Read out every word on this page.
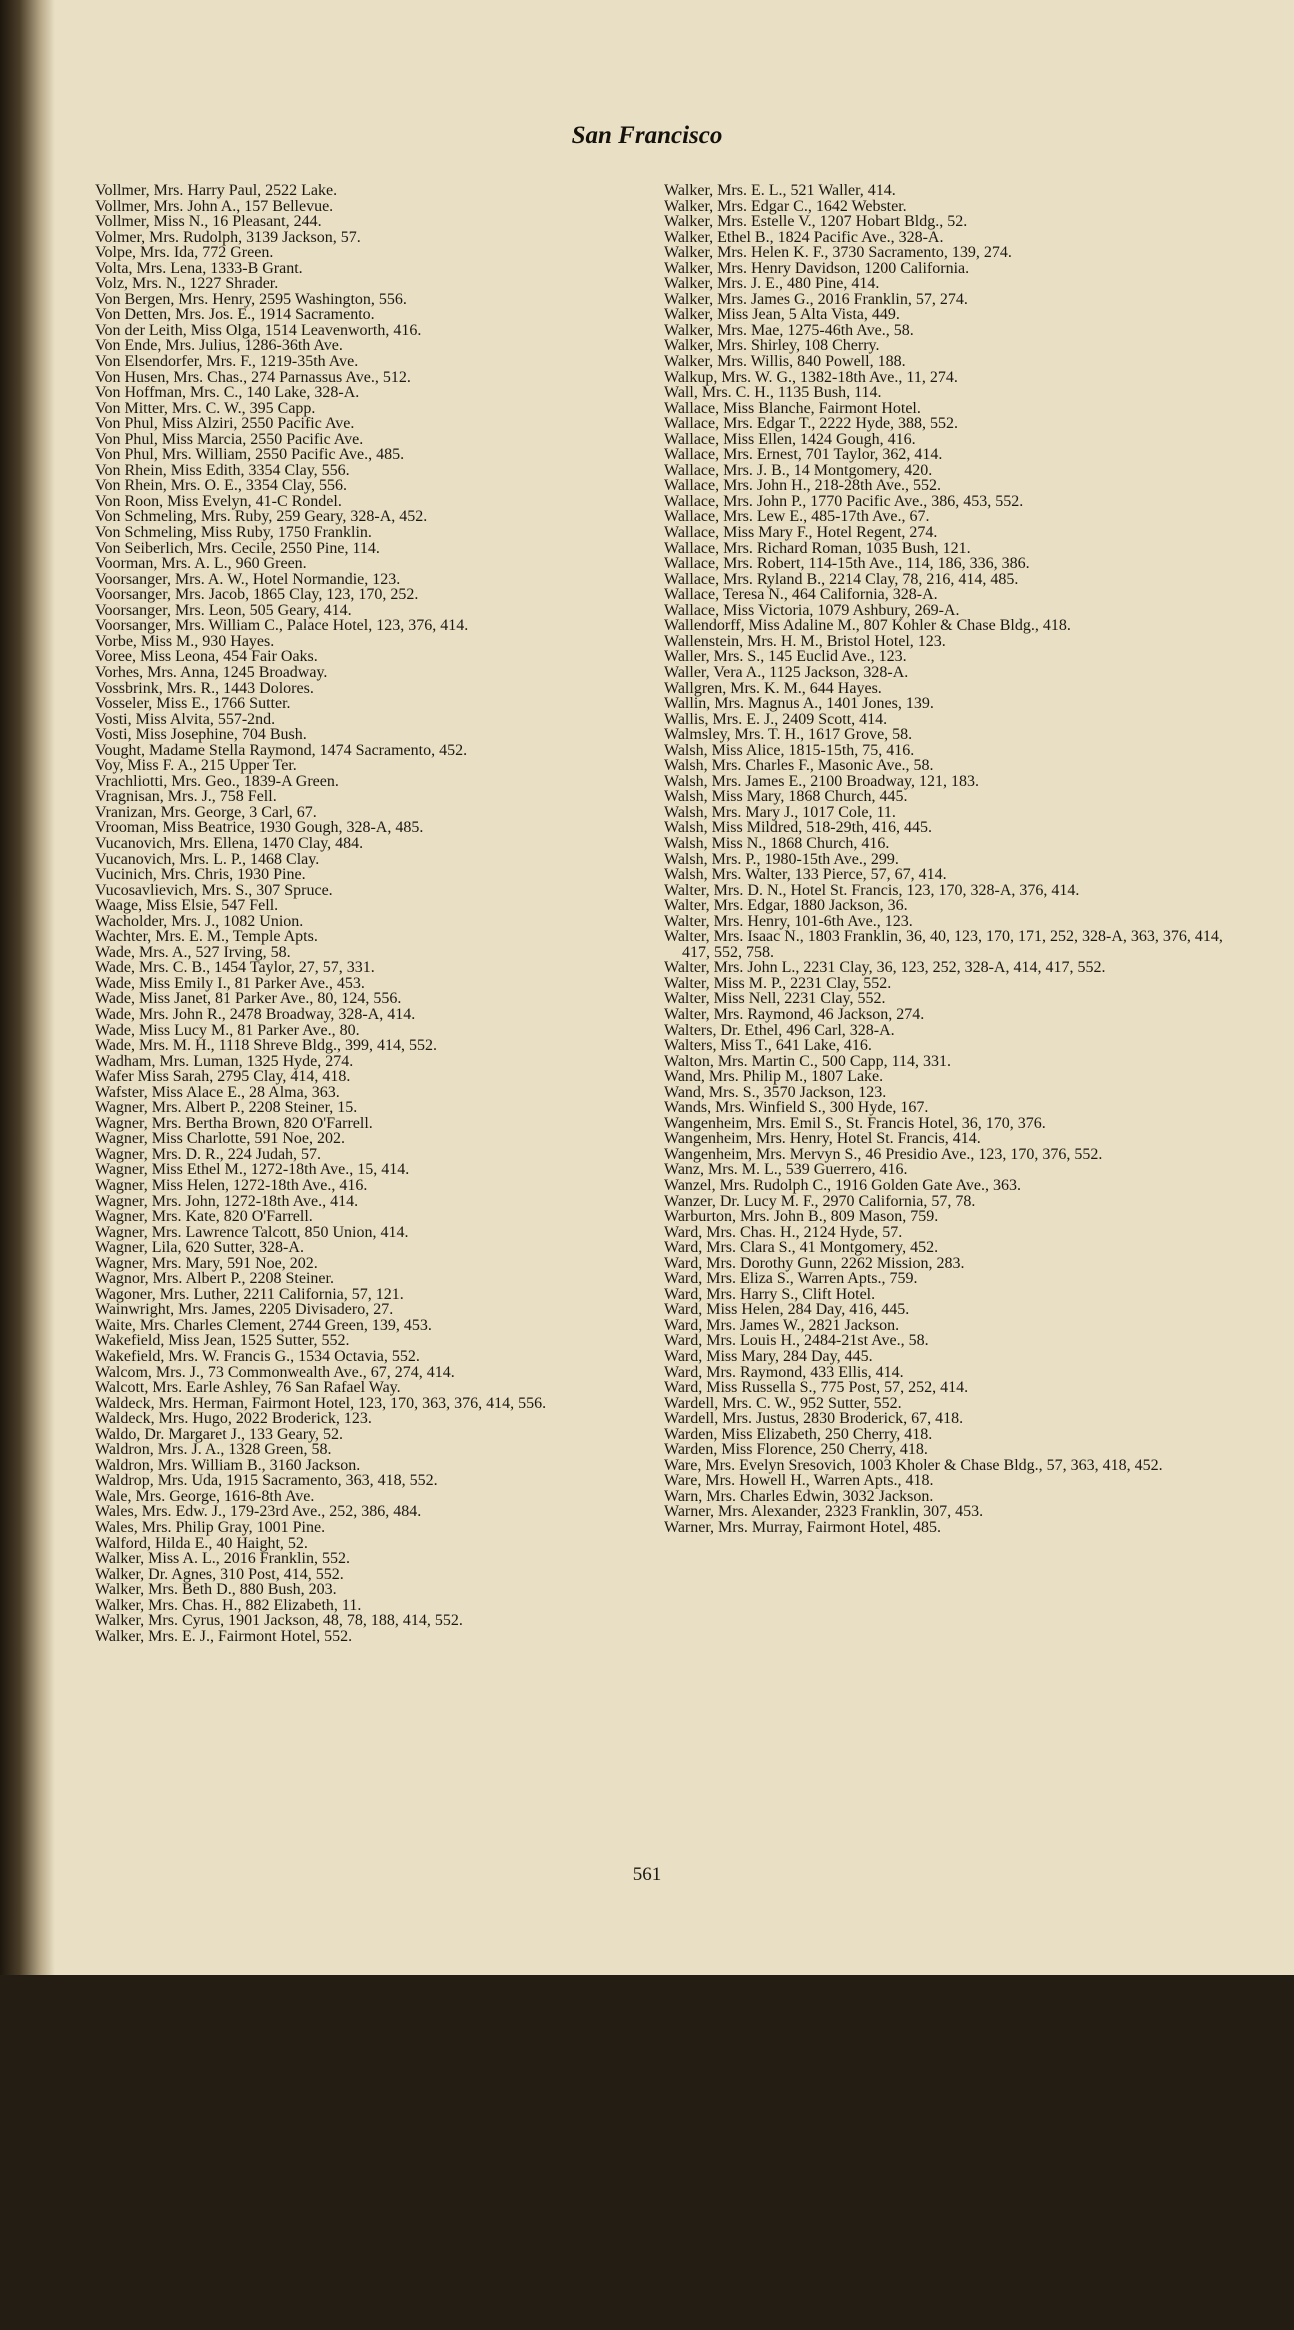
San Francisco
Vollmer, Mrs. Harry Paul, 2522 Lake.
Vollmer, Mrs. John A., 157 Bellevue.
Vollmer, Miss N., 16 Pleasant, 244.
Volmer, Mrs. Rudolph, 3139 Jackson, 57.
Volpe, Mrs. Ida, 772 Green.
Volta, Mrs. Lena, 1333-B Grant.
Volz, Mrs. N., 1227 Shrader.
Von Bergen, Mrs. Henry, 2595 Washington, 556.
Von Detten, Mrs. Jos. E., 1914 Sacramento.
Von der Leith, Miss Olga, 1514 Leavenworth, 416.
Von Ende, Mrs. Julius, 1286-36th Ave.
Von Elsendorfer, Mrs. F., 1219-35th Ave.
Von Husen, Mrs. Chas., 274 Parnassus Ave., 512.
Von Hoffman, Mrs. C., 140 Lake, 328-A.
Von Mitter, Mrs. C. W., 395 Capp.
Von Phul, Miss Alziri, 2550 Pacific Ave.
Von Phul, Miss Marcia, 2550 Pacific Ave.
Von Phul, Mrs. William, 2550 Pacific Ave., 485.
Von Rhein, Miss Edith, 3354 Clay, 556.
Von Rhein, Mrs. O. E., 3354 Clay, 556.
Von Roon, Miss Evelyn, 41-C Rondel.
Von Schmeling, Mrs. Ruby, 259 Geary, 328-A, 452.
Von Schmeling, Miss Ruby, 1750 Franklin.
Von Seiberlich, Mrs. Cecile, 2550 Pine, 114.
Voorman, Mrs. A. L., 960 Green.
Voorsanger, Mrs. A. W., Hotel Normandie, 123.
Voorsanger, Mrs. Jacob, 1865 Clay, 123, 170, 252.
Voorsanger, Mrs. Leon, 505 Geary, 414.
Voorsanger, Mrs. William C., Palace Hotel, 123, 376, 414.
Vorbe, Miss M., 930 Hayes.
Voree, Miss Leona, 454 Fair Oaks.
Vorhes, Mrs. Anna, 1245 Broadway.
Vossbrink, Mrs. R., 1443 Dolores.
Vosseler, Miss E., 1766 Sutter.
Vosti, Miss Alvita, 557-2nd.
Vosti, Miss Josephine, 704 Bush.
Vought, Madame Stella Raymond, 1474 Sacramento, 452.
Voy, Miss F. A., 215 Upper Ter.
Vrachliotti, Mrs. Geo., 1839-A Green.
Vragnisan, Mrs. J., 758 Fell.
Vranizan, Mrs. George, 3 Carl, 67.
Vrooman, Miss Beatrice, 1930 Gough, 328-A, 485.
Vucanovich, Mrs. Ellena, 1470 Clay, 484.
Vucanovich, Mrs. L. P., 1468 Clay.
Vucinich, Mrs. Chris, 1930 Pine.
Vucosavlievich, Mrs. S., 307 Spruce.
Waage, Miss Elsie, 547 Fell.
Wacholder, Mrs. J., 1082 Union.
Wachter, Mrs. E. M., Temple Apts.
Wade, Mrs. A., 527 Irving, 58.
Wade, Mrs. C. B., 1454 Taylor, 27, 57, 331.
Wade, Miss Emily I., 81 Parker Ave., 453.
Wade, Miss Janet, 81 Parker Ave., 80, 124, 556.
Wade, Mrs. John R., 2478 Broadway, 328-A, 414.
Wade, Miss Lucy M., 81 Parker Ave., 80.
Wade, Mrs. M. H., 1118 Shreve Bldg., 399, 414, 552.
Wadham, Mrs. Luman, 1325 Hyde, 274.
Wafer Miss Sarah, 2795 Clay, 414, 418.
Wafster, Miss Alace E., 28 Alma, 363.
Wagner, Mrs. Albert P., 2208 Steiner, 15.
Wagner, Mrs. Bertha Brown, 820 O'Farrell.
Wagner, Miss Charlotte, 591 Noe, 202.
Wagner, Mrs. D. R., 224 Judah, 57.
Wagner, Miss Ethel M., 1272-18th Ave., 15, 414.
Wagner, Miss Helen, 1272-18th Ave., 416.
Wagner, Mrs. John, 1272-18th Ave., 414.
Wagner, Mrs. Kate, 820 O'Farrell.
Wagner, Mrs. Lawrence Talcott, 850 Union, 414.
Wagner, Lila, 620 Sutter, 328-A.
Wagner, Mrs. Mary, 591 Noe, 202.
Wagnor, Mrs. Albert P., 2208 Steiner.
Wagoner, Mrs. Luther, 2211 California, 57, 121.
Wainwright, Mrs. James, 2205 Divisadero, 27.
Waite, Mrs. Charles Clement, 2744 Green, 139, 453.
Wakefield, Miss Jean, 1525 Sutter, 552.
Wakefield, Mrs. W. Francis G., 1534 Octavia, 552.
Walcom, Mrs. J., 73 Commonwealth Ave., 67, 274, 414.
Walcott, Mrs. Earle Ashley, 76 San Rafael Way.
Waldeck, Mrs. Herman, Fairmont Hotel, 123, 170, 363, 376, 414, 556.
Waldeck, Mrs. Hugo, 2022 Broderick, 123.
Waldo, Dr. Margaret J., 133 Geary, 52.
Waldron, Mrs. J. A., 1328 Green, 58.
Waldron, Mrs. William B., 3160 Jackson.
Waldrop, Mrs. Uda, 1915 Sacramento, 363, 418, 552.
Wale, Mrs. George, 1616-8th Ave.
Wales, Mrs. Edw. J., 179-23rd Ave., 252, 386, 484.
Wales, Mrs. Philip Gray, 1001 Pine.
Walford, Hilda E., 40 Haight, 52.
Walker, Miss A. L., 2016 Franklin, 552.
Walker, Dr. Agnes, 310 Post, 414, 552.
Walker, Mrs. Beth D., 880 Bush, 203.
Walker, Mrs. Chas. H., 882 Elizabeth, 11.
Walker, Mrs. Cyrus, 1901 Jackson, 48, 78, 188, 414, 552.
Walker, Mrs. E. J., Fairmont Hotel, 552.
Walker, Mrs. E. L., 521 Waller, 414.
Walker, Mrs. Edgar C., 1642 Webster.
Walker, Mrs. Estelle V., 1207 Hobart Bldg., 52.
Walker, Ethel B., 1824 Pacific Ave., 328-A.
Walker, Mrs. Helen K. F., 3730 Sacramento, 139, 274.
Walker, Mrs. Henry Davidson, 1200 California.
Walker, Mrs. J. E., 480 Pine, 414.
Walker, Mrs. James G., 2016 Franklin, 57, 274.
Walker, Miss Jean, 5 Alta Vista, 449.
Walker, Mrs. Mae, 1275-46th Ave., 58.
Walker, Mrs. Shirley, 108 Cherry.
Walker, Mrs. Willis, 840 Powell, 188.
Walkup, Mrs. W. G., 1382-18th Ave., 11, 274.
Wall, Mrs. C. H., 1135 Bush, 114.
Wallace, Miss Blanche, Fairmont Hotel.
Wallace, Mrs. Edgar T., 2222 Hyde, 388, 552.
Wallace, Miss Ellen, 1424 Gough, 416.
Wallace, Mrs. Ernest, 701 Taylor, 362, 414.
Wallace, Mrs. J. B., 14 Montgomery, 420.
Wallace, Mrs. John H., 218-28th Ave., 552.
Wallace, Mrs. John P., 1770 Pacific Ave., 386, 453, 552.
Wallace, Mrs. Lew E., 485-17th Ave., 67.
Wallace, Miss Mary F., Hotel Regent, 274.
Wallace, Mrs. Richard Roman, 1035 Bush, 121.
Wallace, Mrs. Robert, 114-15th Ave., 114, 186, 336, 386.
Wallace, Mrs. Ryland B., 2214 Clay, 78, 216, 414, 485.
Wallace, Teresa N., 464 California, 328-A.
Wallace, Miss Victoria, 1079 Ashbury, 269-A.
Wallendorff, Miss Adaline M., 807 Kohler & Chase Bldg., 418.
Wallenstein, Mrs. H. M., Bristol Hotel, 123.
Waller, Mrs. S., 145 Euclid Ave., 123.
Waller, Vera A., 1125 Jackson, 328-A.
Wallgren, Mrs. K. M., 644 Hayes.
Wallin, Mrs. Magnus A., 1401 Jones, 139.
Wallis, Mrs. E. J., 2409 Scott, 414.
Walmsley, Mrs. T. H., 1617 Grove, 58.
Walsh, Miss Alice, 1815-15th, 75, 416.
Walsh, Mrs. Charles F., Masonic Ave., 58.
Walsh, Mrs. James E., 2100 Broadway, 121, 183.
Walsh, Miss Mary, 1868 Church, 445.
Walsh, Mrs. Mary J., 1017 Cole, 11.
Walsh, Miss Mildred, 518-29th, 416, 445.
Walsh, Miss N., 1868 Church, 416.
Walsh, Mrs. P., 1980-15th Ave., 299.
Walsh, Mrs. Walter, 133 Pierce, 57, 67, 414.
Walter, Mrs. D. N., Hotel St. Francis, 123, 170, 328-A, 376, 414.
Walter, Mrs. Edgar, 1880 Jackson, 36.
Walter, Mrs. Henry, 101-6th Ave., 123.
Walter, Mrs. Isaac N., 1803 Franklin, 36, 40, 123, 170, 171, 252, 328-A, 363, 376, 414, 417, 552, 758.
Walter, Mrs. John L., 2231 Clay, 36, 123, 252, 328-A, 414, 417, 552.
Walter, Miss M. P., 2231 Clay, 552.
Walter, Miss Nell, 2231 Clay, 552.
Walter, Mrs. Raymond, 46 Jackson, 274.
Walters, Dr. Ethel, 496 Carl, 328-A.
Walters, Miss T., 641 Lake, 416.
Walton, Mrs. Martin C., 500 Capp, 114, 331.
Wand, Mrs. Philip M., 1807 Lake.
Wand, Mrs. S., 3570 Jackson, 123.
Wands, Mrs. Winfield S., 300 Hyde, 167.
Wangenheim, Mrs. Emil S., St. Francis Hotel, 36, 170, 376.
Wangenheim, Mrs. Henry, Hotel St. Francis, 414.
Wangenheim, Mrs. Mervyn S., 46 Presidio Ave., 123, 170, 376, 552.
Wanz, Mrs. M. L., 539 Guerrero, 416.
Wanzel, Mrs. Rudolph C., 1916 Golden Gate Ave., 363.
Wanzer, Dr. Lucy M. F., 2970 California, 57, 78.
Warburton, Mrs. John B., 809 Mason, 759.
Ward, Mrs. Chas. H., 2124 Hyde, 57.
Ward, Mrs. Clara S., 41 Montgomery, 452.
Ward, Mrs. Dorothy Gunn, 2262 Mission, 283.
Ward, Mrs. Eliza S., Warren Apts., 759.
Ward, Mrs. Harry S., Clift Hotel.
Ward, Miss Helen, 284 Day, 416, 445.
Ward, Mrs. James W., 2821 Jackson.
Ward, Mrs. Louis H., 2484-21st Ave., 58.
Ward, Miss Mary, 284 Day, 445.
Ward, Mrs. Raymond, 433 Ellis, 414.
Ward, Miss Russella S., 775 Post, 57, 252, 414.
Wardell, Mrs. C. W., 952 Sutter, 552.
Wardell, Mrs. Justus, 2830 Broderick, 67, 418.
Warden, Miss Elizabeth, 250 Cherry, 418.
Warden, Miss Florence, 250 Cherry, 418.
Ware, Mrs. Evelyn Sresovich, 1003 Kholer & Chase Bldg., 57, 363, 418, 452.
Ware, Mrs. Howell H., Warren Apts., 418.
Warn, Mrs. Charles Edwin, 3032 Jackson.
Warner, Mrs. Alexander, 2323 Franklin, 307, 453.
Warner, Mrs. Murray, Fairmont Hotel, 485.
561
